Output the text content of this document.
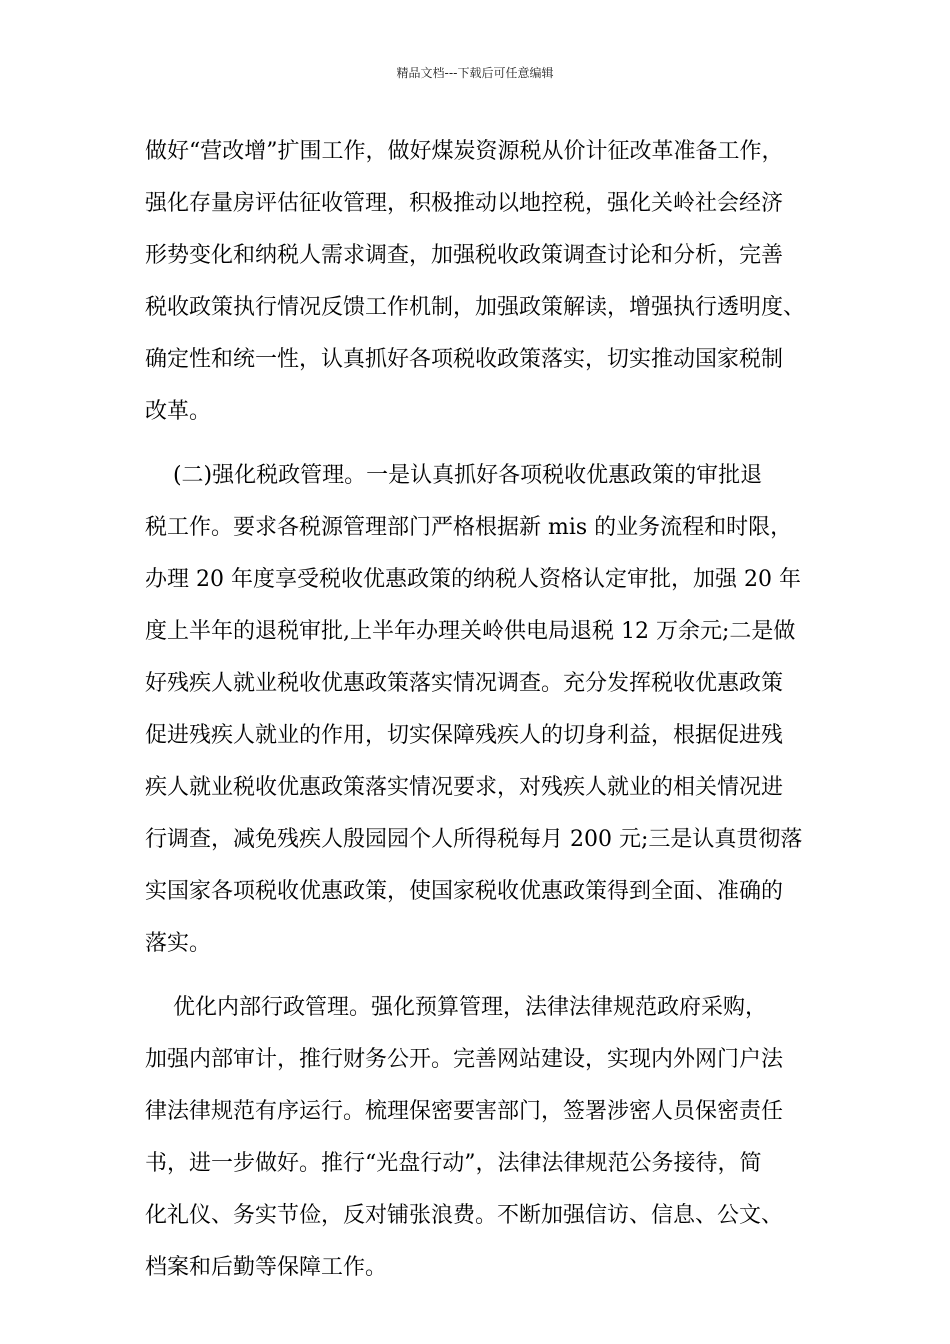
精品文档---下载后可任意编辑
做好“营改增”扩围工作，做好煤炭资源税从价计征改革准备工作，
强化存量房评估征收管理，积极推动以地控税，强化关岭社会经济
形势变化和纳税人需求调查，加强税收政策调查讨论和分析，完善
税收政策执行情况反馈工作机制，加强政策解读，增强执行透明度、
确定性和统一性，认真抓好各项税收政策落实，切实推动国家税制
改革。
(二)强化税政管理。一是认真抓好各项税收优惠政策的审批退
税工作。要求各税源管理部门严格根据新 mis 的业务流程和时限，
办理 20 年度享受税收优惠政策的纳税人资格认定审批，加强 20 年
度上半年的退税审批,上半年办理关岭供电局退税 12 万余元;二是做
好残疾人就业税收优惠政策落实情况调查。充分发挥税收优惠政策
促进残疾人就业的作用，切实保障残疾人的切身利益，根据促进残
疾人就业税收优惠政策落实情况要求，对残疾人就业的相关情况进
行调查，减免残疾人殷园园个人所得税每月 200 元;三是认真贯彻落
实国家各项税收优惠政策，使国家税收优惠政策得到全面、准确的
落实。
优化内部行政管理。强化预算管理，法律法律规范政府采购，
加强内部审计，推行财务公开。完善网站建设，实现内外网门户法
律法律规范有序运行。梳理保密要害部门，签署涉密人员保密责任
书，进一步做好。推行“光盘行动”，法律法律规范公务接待，简
化礼仪、务实节俭，反对铺张浪费。不断加强信访、信息、公文、
档案和后勤等保障工作。
